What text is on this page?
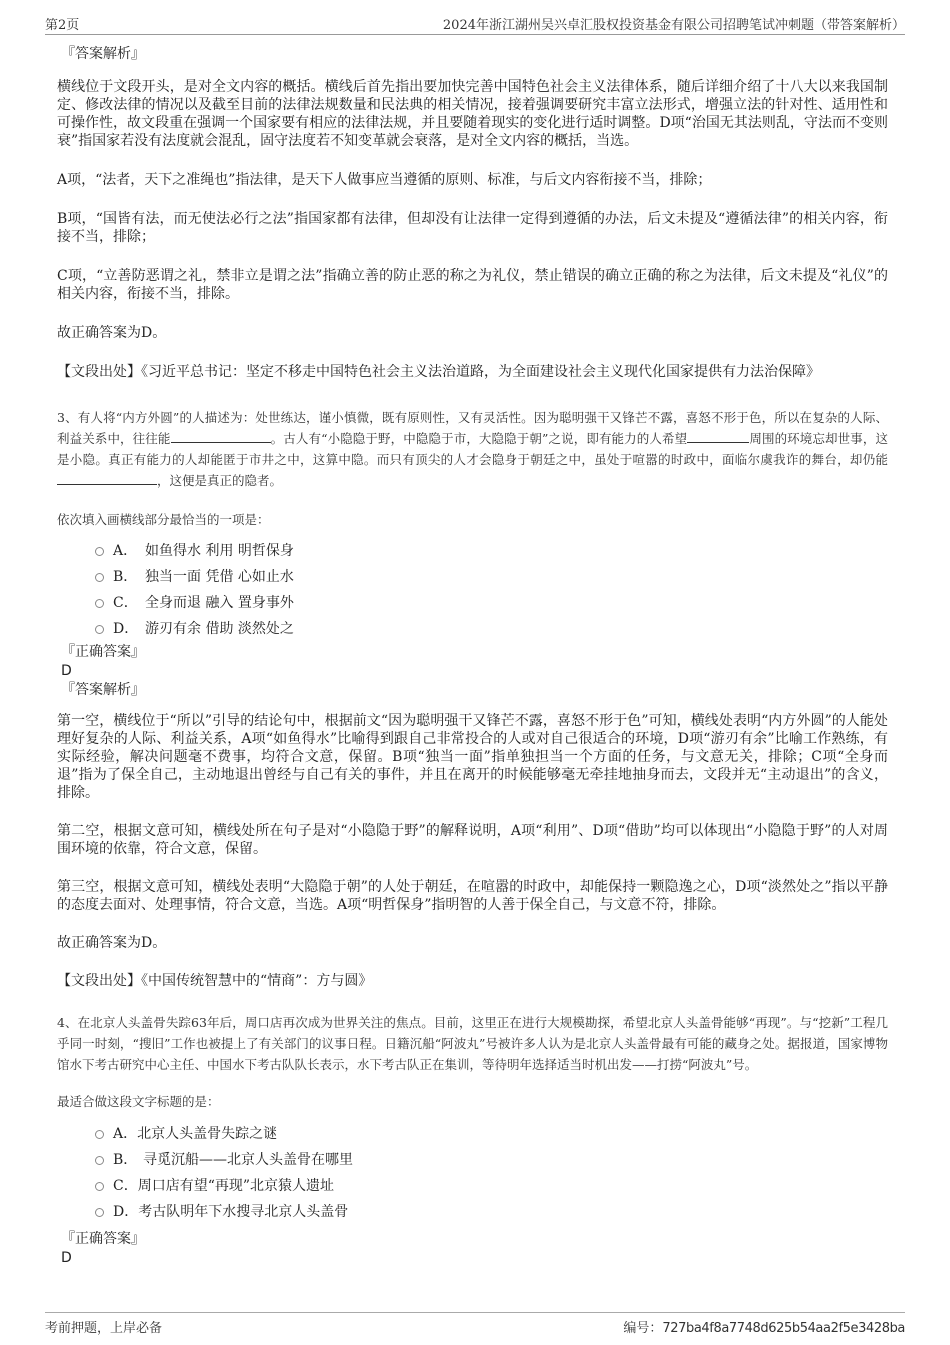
第2页	2024年浙江湖州吴兴卓汇股权投资基金有限公司招聘笔试冲刺题（带答案解析）
『答案解析』

横线位于文段开头，是对全文内容的概括。横线后首先指出要加快完善中国特色社会主义法律体系，随后详细介绍了十八大以来我国制定、修改法律的情况以及截至目前的法律法规数量和民法典的相关情况，接着强调要研究丰富立法形式，增强立法的针对性、适用性和可操作性，故文段重在强调一个国家要有相应的法律法规，并且要随着现实的变化进行适时调整。D项“治国无其法则乱，守法而不变则衰”指国家若没有法度就会混乱，固守法度若不知变革就会衰落，是对全文内容的概括，当选。

A项，“法者，天下之准绳也”指法律，是天下人做事应当遵循的原则、标准，与后文内容衔接不当，排除；

B项，“国皆有法，而无使法必行之法”指国家都有法律，但却没有让法律一定得到遵循的办法，后文未提及“遵循法律”的相关内容，衔接不当，排除；

C项，“立善防恶谓之礼，禁非立是谓之法”指确立善的防止恶的称之为礼仪，禁止错误的确立正确的称之为法律，后文未提及“礼仪”的相关内容，衔接不当，排除。

故正确答案为D。

【文段出处】《习近平总书记：坚定不移走中国特色社会主义法治道路，为全面建设社会主义现代化国家提供有力法治保障》

3、有人将“内方外圆”的人描述为：处世练达，谨小慎微，既有原则性，又有灵活性。因为聪明强干又锋芒不露，喜怒不形于色，所以在复杂的人际、利益关系中，往往能	。古人有“小隐隐于野，中隐隐于市，大隐隐于朝”之说，即有能力的人希望	周围的环境忘却世事，这是小隐。真正有能力的人却能匿于市井之中，这算中隐。而只有顶尖的人才会隐身于朝廷之中，虽处于喧嚣的时政中，面临尔虞我诈的舞台，却仍能，这便是真正的隐者。

依次填入画横线部分最恰当的一项是：

A． 如鱼得水 利用 明哲保身
B． 独当一面 凭借 心如止水
C． 全身而退 融入 置身事外
D． 游刃有余 借助 淡然处之
『正确答案』
D
『答案解析』

第一空，横线位于“所以”引导的结论句中，根据前文“因为聪明强干又锋芒不露，喜怒不形于色”可知，横线处表明“内方外圆”的人能处理好复杂的人际、利益关系，A项“如鱼得水”比喻得到跟自己非常投合的人或对自己很适合的环境，D项“游刃有余”比喻工作熟练，有实际经验，解决问题毫不费事，均符合文意，保留。B项“独当一面”指单独担当一个方面的任务，与文意无关，排除；C项“全身而退”指为了保全自己，主动地退出曾经与自己有关的事件，并且在离开的时候能够毫无牵挂地抽身而去，文段并无“主动退出”的含义，排除。

第二空，根据文意可知，横线处所在句子是对“小隐隐于野”的解释说明，A项“利用”、D项“借助”均可以体现出“小隐隐于野”的人对周围环境的依靠，符合文意，保留。

第三空，根据文意可知，横线处表明“大隐隐于朝”的人处于朝廷，在喧嚣的时政中，却能保持一颗隐逸之心，D项“淡然处之”指以平静的态度去面对、处理事情，符合文意，当选。A项“明哲保身”指明智的人善于保全自己，与文意不符，排除。

故正确答案为D。

【文段出处】《中国传统智慧中的“情商”：方与圆》

4、在北京人头盖骨失踪63年后，周口店再次成为世界关注的焦点。目前，这里正在进行大规模勘探，希望北京人头盖骨能够“再现”。与“挖新”工程几乎同一时刻，“搜旧”工作也被提上了有关部门的议事日程。日籍沉船“阿波丸”号被许多人认为是北京人头盖骨最有可能的藏身之处。据报道，国家博物馆水下考古研究中心主任、中国水下考古队队长表示，水下考古队正在集训，等待明年选择适当时机出发——打捞“阿波丸”号。

最适合做这段文字标题的是：

A． 北京人头盖骨失踪之谜
B． 寻觅沉船——北京人头盖骨在哪里
C． 周口店有望“再现”北京猿人遗址
D． 考古队明年下水搜寻北京人头盖骨
『正确答案』
D
考前押题，上岸必备	编号：727ba4f8a7748d625b54aa2f5e3428ba
